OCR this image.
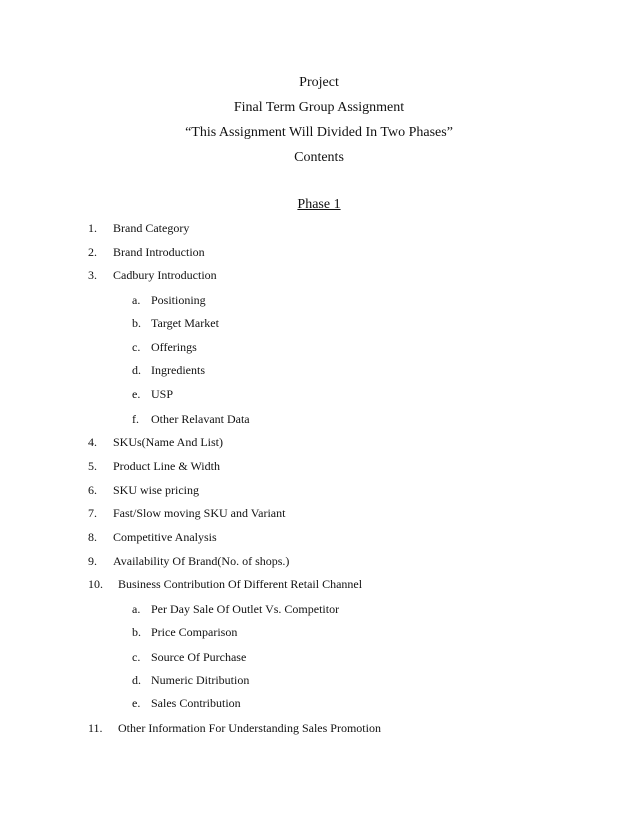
Project
Final Term Group Assignment
“This Assignment Will Divided In Two Phases”
Contents
Phase 1
1. Brand Category
2. Brand Introduction
3. Cadbury Introduction
a. Positioning
b. Target Market
c. Offerings
d. Ingredients
e. USP
f. Other Relavant Data
4. SKUs(Name And List)
5. Product Line & Width
6. SKU wise pricing
7. Fast/Slow moving SKU and Variant
8. Competitive Analysis
9. Availability Of Brand(No. of shops.)
10. Business Contribution Of Different Retail Channel
a. Per Day Sale Of Outlet Vs. Competitor
b. Price Comparison
c. Source Of Purchase
d. Numeric Ditribution
e. Sales Contribution
11. Other Information For Understanding Sales Promotion
